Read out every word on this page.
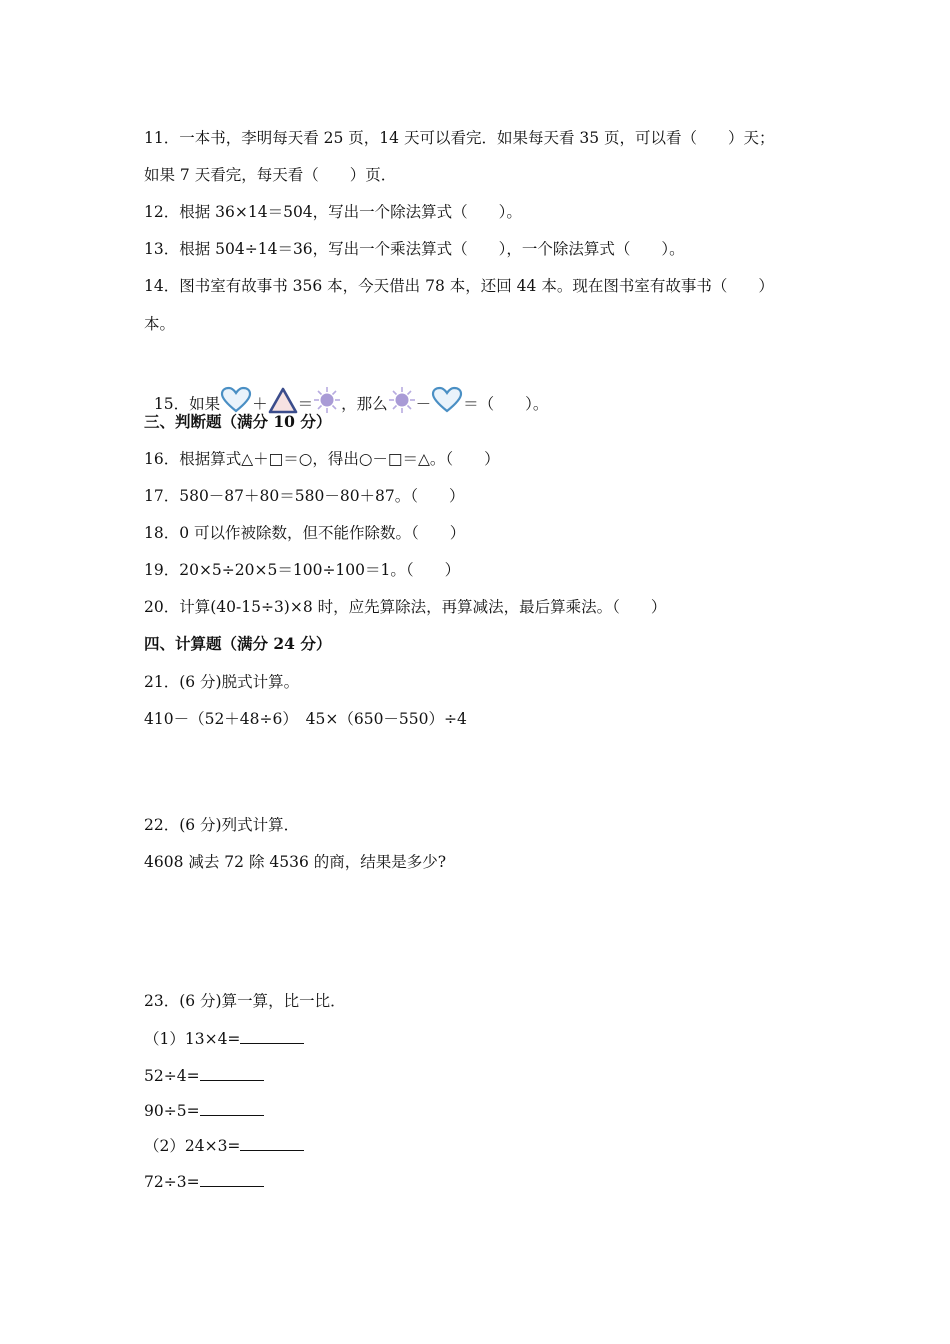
11．一本书，李明每天看 25 页，14 天可以看完．如果每天看 35 页，可以看（　　）天；
如果 7 天看完，每天看（　　）页．
12．根据 36×14＝504，写出一个除法算式（　　）。
13．根据 504÷14＝36，写出一个乘法算式（　　），一个除法算式（　　）。
14．图书室有故事书 356 本，今天借出 78 本，还回 44 本。现在图书室有故事书（　　）
本。

15．如果 ＋ ＝ ，那么 － ＝（　　）。

三、判断题（满分 10 分）
16．根据算式△＋□＝○，得出○－□＝△。（　　）
17．580－87＋80＝580－80＋87。（　　）
18．0 可以作被除数，但不能作除数。（　　）
19．20×5÷20×5＝100÷100＝1。（　　）
20．计算(40-15÷3)×8 时，应先算除法，再算减法，最后算乘法。（　　）
四、计算题（满分 24 分）
21．(6 分)脱式计算。
410－（52＋48÷6）　45×（650－550）÷4
22．(6 分)列式计算．
4608 减去 72 除 4536 的商，结果是多少?
23．(6 分)算一算，比一比．
（1）13×4=
52÷4=
90÷5=
（2）24×3=
72÷3=
